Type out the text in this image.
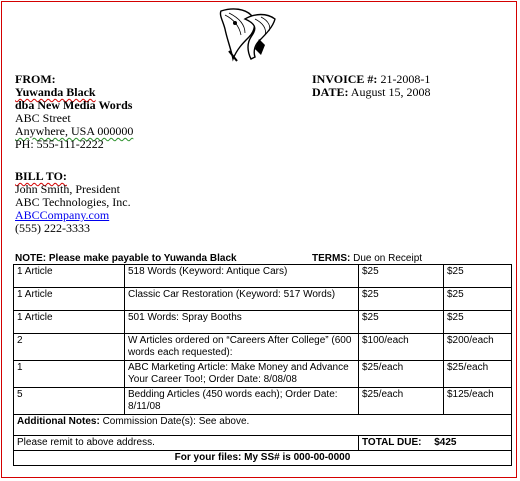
FROM:
Yuwanda Black
dba New Media Words
ABC Street
Anywhere, USA 000000
PH: 555-111-2222
INVOICE #: 21-2008-1
DATE: August 15, 2008
BILL TO:
John Smith, President
ABC Technologies, Inc.
ABCCompany.com
(555) 222-3333
NOTE: Please make payable to Yuwanda Black	TERMS: Due on Receipt
1 Article	518 Words (Keyword: Antique Cars)	$25	$25
1 Article	Classic Car Restoration (Keyword: 517 Words)	$25	$25
1 Article	501 Words: Spray Booths	$25	$25
2	W Articles ordered on “Careers After College” (600 words each requested):	$100/each	$200/each
1	ABC Marketing Article: Make Money and Advance Your Career Too!; Order Date: 8/08/08	$25/each	$25/each
5	Bedding Articles (450 words each); Order Date: 8/11/08	$25/each	$125/each
Additional Notes: Commission Date(s): See above.			
Please remit to above address.		TOTAL DUE: $425	
For your files: My SS# is 000-00-0000			
